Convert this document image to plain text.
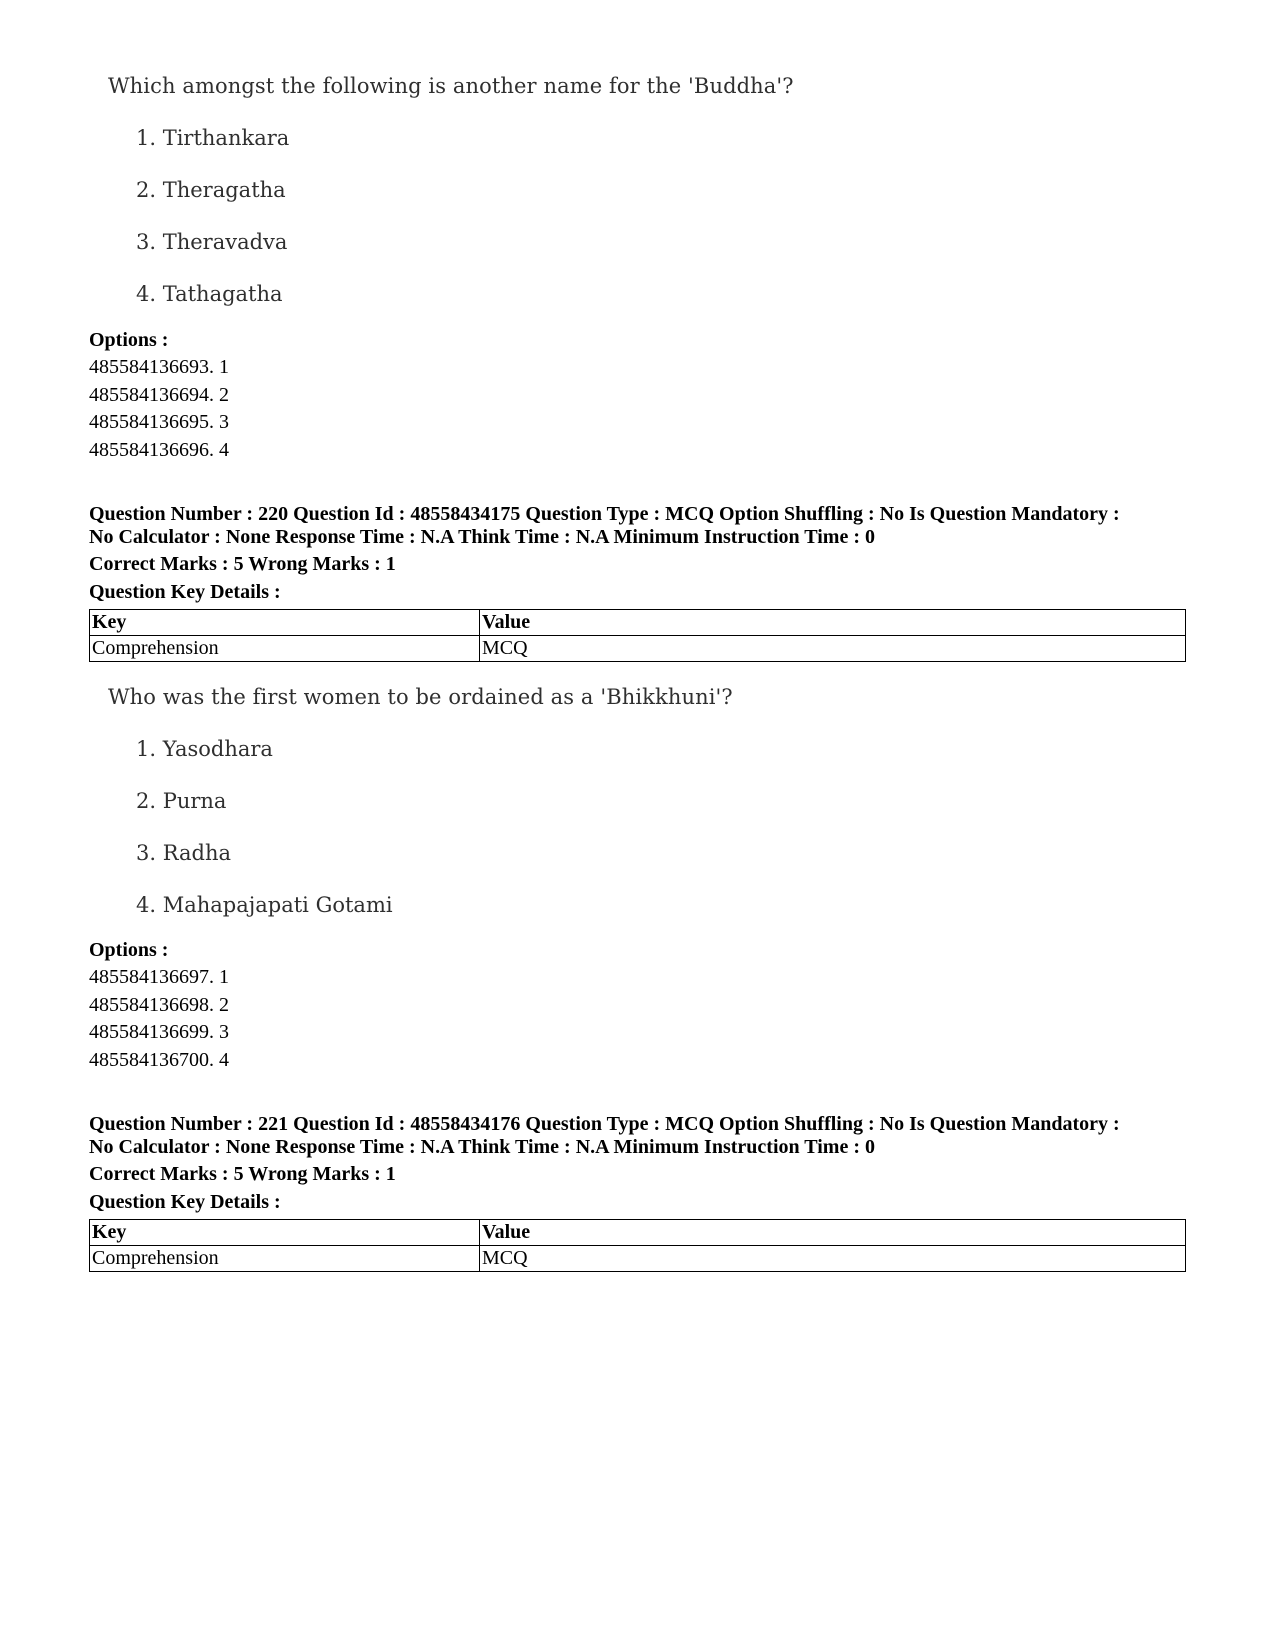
Which amongst the following is another name for the 'Buddha'?
1. Tirthankara
2. Theragatha
3. Theravadva
4. Tathagatha
Options :
485584136693. 1
485584136694. 2
485584136695. 3
485584136696. 4
Question Number : 220 Question Id : 48558434175 Question Type : MCQ Option Shuffling : No Is Question Mandatory :
No Calculator : None Response Time : N.A Think Time : N.A Minimum Instruction Time : 0
Correct Marks : 5 Wrong Marks : 1
Question Key Details :
Key	Value
Comprehension	MCQ
Who was the first women to be ordained as a 'Bhikkhuni'?
1. Yasodhara
2. Purna
3. Radha
4. Mahapajapati Gotami
Options :
485584136697. 1
485584136698. 2
485584136699. 3
485584136700. 4
Question Number : 221 Question Id : 48558434176 Question Type : MCQ Option Shuffling : No Is Question Mandatory :
No Calculator : None Response Time : N.A Think Time : N.A Minimum Instruction Time : 0
Correct Marks : 5 Wrong Marks : 1
Question Key Details :
Key	Value
Comprehension	MCQ
